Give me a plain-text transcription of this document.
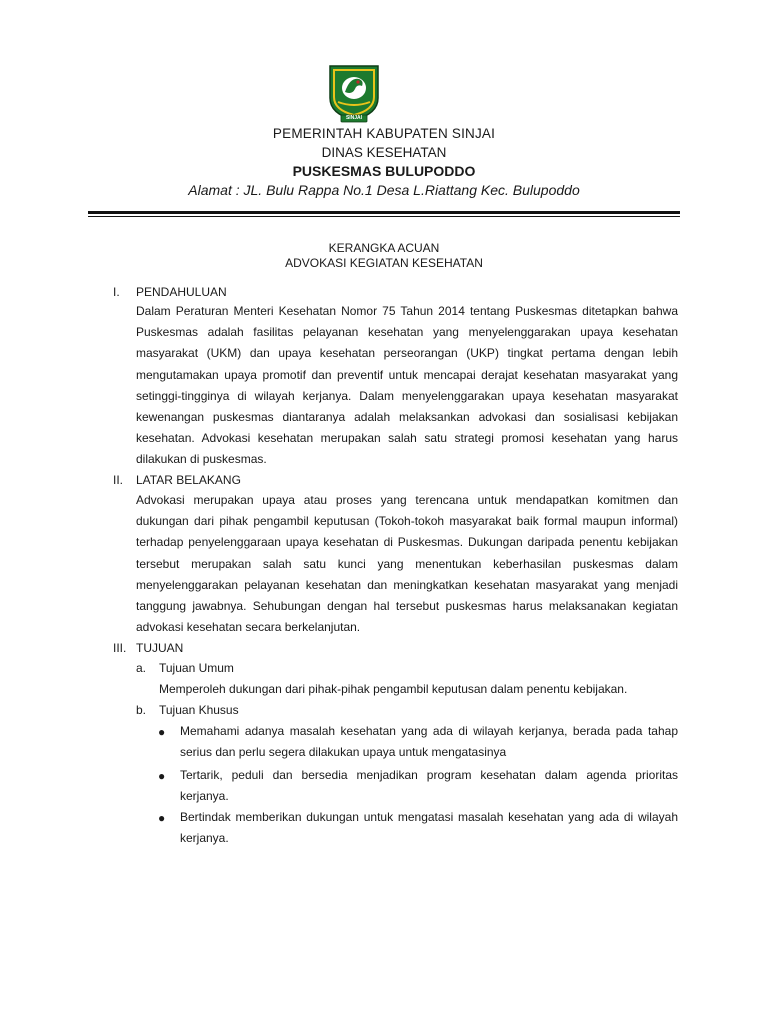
SINJAI
PEMERINTAH KABUPATEN SINJAI
DINAS KESEHATAN
PUSKESMAS BULUPODDO
Alamat : JL. Bulu Rappa No.1 Desa L.Riattang Kec. Bulupoddo
KERANGKA ACUAN
ADVOKASI KEGIATAN KESEHATAN
I.	PENDAHULUAN
Dalam Peraturan Menteri Kesehatan Nomor 75 Tahun 2014 tentang Puskesmas ditetapkan bahwa Puskesmas adalah fasilitas pelayanan kesehatan yang menyelenggarakan upaya kesehatan masyarakat (UKM) dan upaya kesehatan perseorangan (UKP) tingkat pertama dengan lebih mengutamakan upaya promotif dan preventif untuk mencapai derajat kesehatan masyarakat yang setinggi-tingginya di wilayah kerjanya. Dalam menyelenggarakan upaya kesehatan masyarakat kewenangan puskesmas diantaranya adalah melaksankan advokasi dan sosialisasi kebijakan kesehatan. Advokasi kesehatan merupakan salah satu strategi promosi kesehatan yang harus dilakukan di puskesmas.
II.	LATAR BELAKANG
Advokasi merupakan upaya atau proses yang terencana untuk mendapatkan komitmen dan dukungan dari pihak pengambil keputusan (Tokoh-tokoh masyarakat baik formal maupun informal) terhadap penyelenggaraan upaya kesehatan di Puskesmas. Dukungan daripada penentu kebijakan tersebut merupakan salah satu kunci yang menentukan keberhasilan puskesmas dalam menyelenggarakan pelayanan kesehatan dan meningkatkan kesehatan masyarakat yang menjadi tanggung jawabnya. Sehubungan dengan hal tersebut puskesmas harus melaksanakan kegiatan advokasi kesehatan secara berkelanjutan.
III. TUJUAN
a. Tujuan Umum
Memperoleh dukungan dari pihak-pihak pengambil keputusan dalam penentu kebijakan.
b. Tujuan Khusus
● Memahami adanya masalah kesehatan yang ada di wilayah kerjanya, berada pada tahap serius dan perlu segera dilakukan upaya untuk mengatasinya
● Tertarik, peduli dan bersedia menjadikan program kesehatan dalam agenda prioritas kerjanya.
● Bertindak memberikan dukungan untuk mengatasi masalah kesehatan yang ada di wilayah kerjanya.
